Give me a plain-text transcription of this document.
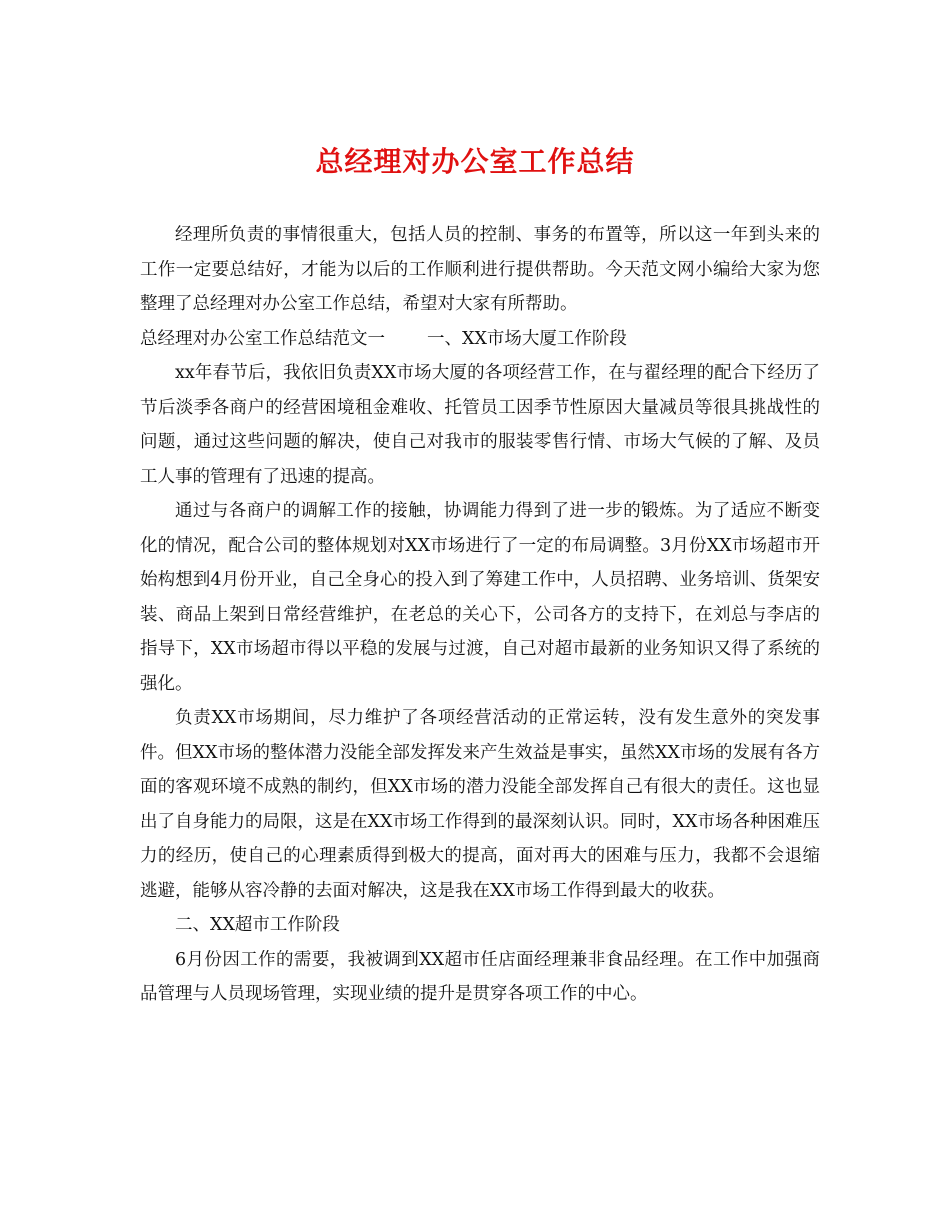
总经理对办公室工作总结

经理所负责的事情很重大，包括人员的控制、事务的布置等，所以这一年到头来的工作一定要总结好，才能为以后的工作顺利进行提供帮助。今天范文网小编给大家为您整理了总经理对办公室工作总结，希望对大家有所帮助。

总经理对办公室工作总结范文一 一、XX市场大厦工作阶段

xx年春节后，我依旧负责XX市场大厦的各项经营工作，在与翟经理的配合下经历了节后淡季各商户的经营困境租金难收、托管员工因季节性原因大量减员等很具挑战性的问题，通过这些问题的解决，使自己对我市的服装零售行情、市场大气候的了解、及员工人事的管理有了迅速的提高。

通过与各商户的调解工作的接触，协调能力得到了进一步的锻炼。为了适应不断变化的情况，配合公司的整体规划对XX市场进行了一定的布局调整。3月份XX市场超市开始构想到4月份开业，自己全身心的投入到了筹建工作中，人员招聘、业务培训、货架安装、商品上架到日常经营维护，在老总的关心下，公司各方的支持下，在刘总与李店的指导下，XX市场超市得以平稳的发展与过渡，自己对超市最新的业务知识又得了系统的强化。

负责XX市场期间，尽力维护了各项经营活动的正常运转，没有发生意外的突发事件。但XX市场的整体潜力没能全部发挥发来产生效益是事实，虽然XX市场的发展有各方面的客观环境不成熟的制约，但XX市场的潜力没能全部发挥自己有很大的责任。这也显出了自身能力的局限，这是在XX市场工作得到的最深刻认识。同时，XX市场各种困难压力的经历，使自己的心理素质得到极大的提高，面对再大的困难与压力，我都不会退缩逃避，能够从容冷静的去面对解决，这是我在XX市场工作得到最大的收获。

二、XX超市工作阶段

6月份因工作的需要，我被调到XX超市任店面经理兼非食品经理。在工作中加强商品管理与人员现场管理，实现业绩的提升是贯穿各项工作的中心。
